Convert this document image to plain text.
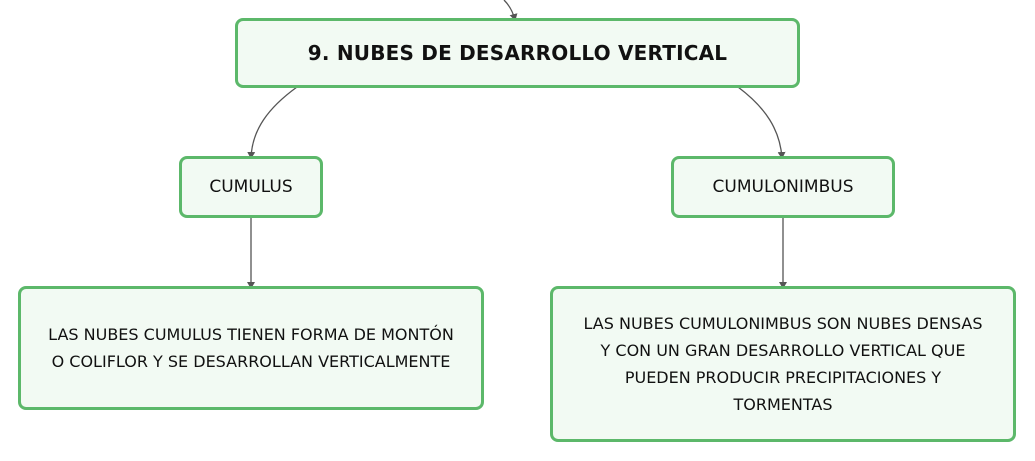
9. NUBES DE DESARROLLO VERTICAL
CUMULUS	CUMULONIMBUS
LAS NUBES CUMULUS TIENEN FORMA DE MONTÓN O COLIFLOR Y SE DESARROLLAN VERTICALMENTE
LAS NUBES CUMULONIMBUS SON NUBES DENSAS Y CON UN GRAN DESARROLLO VERTICAL QUE PUEDEN PRODUCIR PRECIPITACIONES Y TORMENTAS
